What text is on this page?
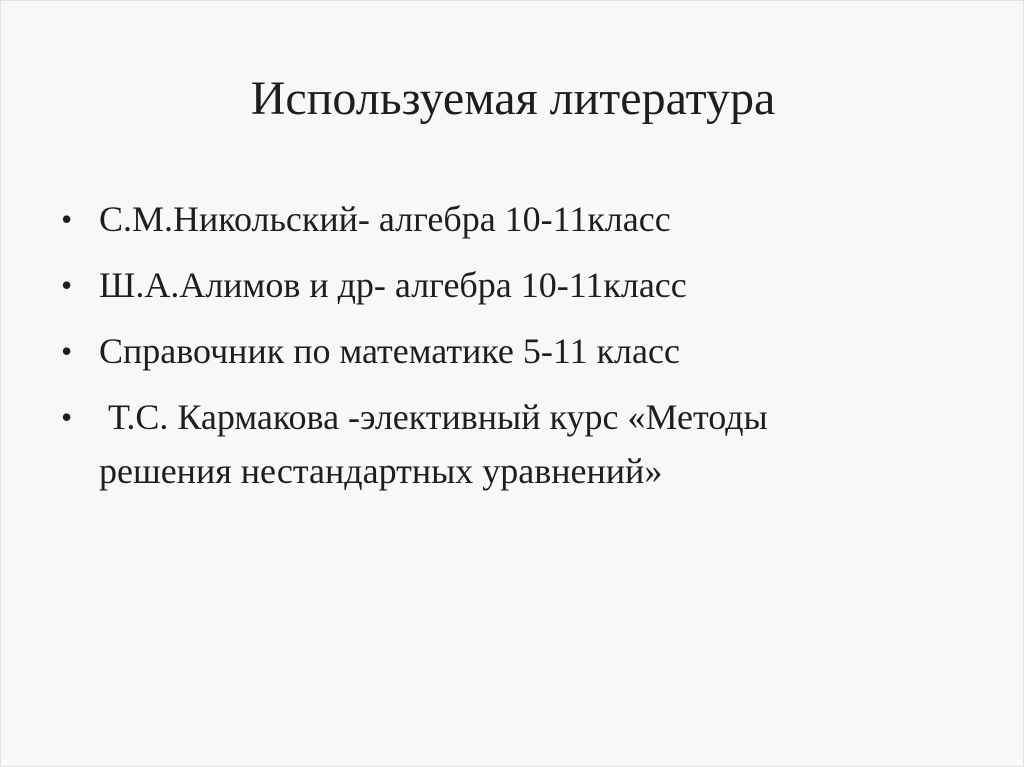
Используемая литература
• С.М.Никольский- алгебра 10-11класс
• Ш.А.Алимов и др- алгебра 10-11класс
• Справочник по математике 5-11 класс
• Т.С. Кармакова -элективный курс «Методы
решения нестандартных уравнений»
